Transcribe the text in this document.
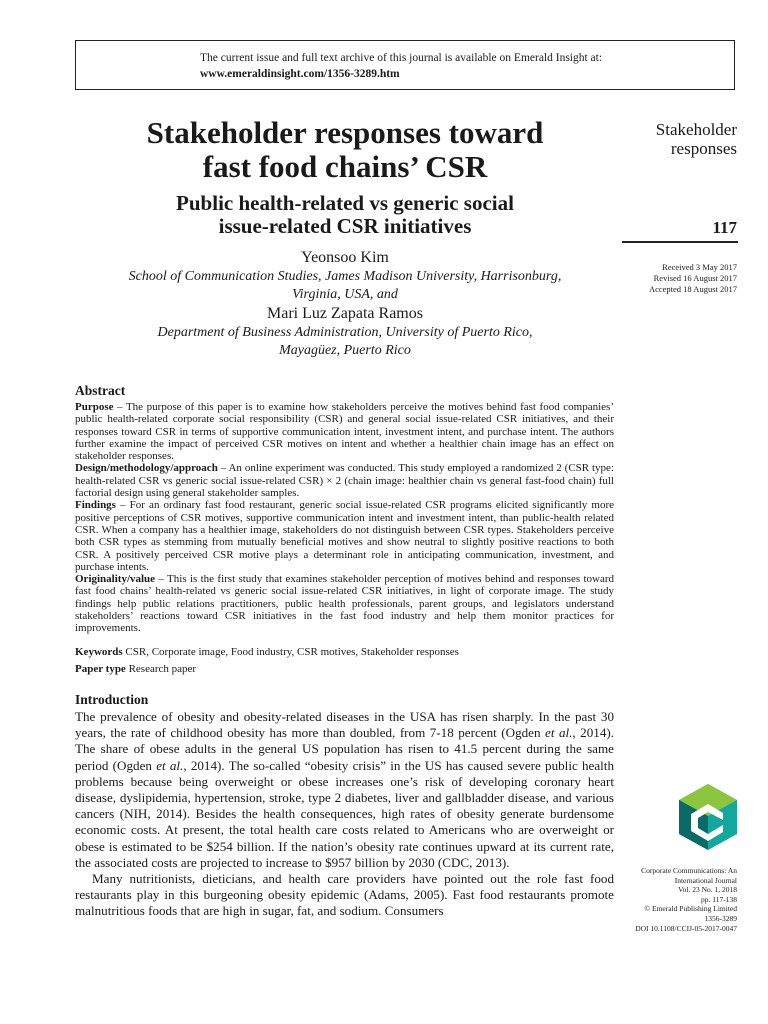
The current issue and full text archive of this journal is available on Emerald Insight at:
www.emeraldinsight.com/1356-3289.htm
Stakeholder responses toward
fast food chains’ CSR
Public health-related vs generic social
issue-related CSR initiatives
Yeonsoo Kim
School of Communication Studies, James Madison University, Harrisonburg,
Virginia, USA, and
Mari Luz Zapata Ramos
Department of Business Administration, University of Puerto Rico,
Mayagüez, Puerto Rico
Stakeholder
responses
117
Received 3 May 2017
Revised 16 August 2017
Accepted 18 August 2017
Abstract

Purpose – The purpose of this paper is to examine how stakeholders perceive the motives behind fast food companies’ public health-related corporate social responsibility (CSR) and general social issue-related CSR initiatives, and their responses toward CSR in terms of supportive communication intent, investment intent, and purchase intent. The authors further examine the impact of perceived CSR motives on intent and whether a healthier chain image has an effect on stakeholder responses.

Design/methodology/approach – An online experiment was conducted. This study employed a randomized 2 (CSR type: health-related CSR vs generic social issue-related CSR) × 2 (chain image: healthier chain vs general fast-food chain) full factorial design using general stakeholder samples.

Findings – For an ordinary fast food restaurant, generic social issue-related CSR programs elicited significantly more positive perceptions of CSR motives, supportive communication intent and investment intent, than public-health related CSR. When a company has a healthier image, stakeholders do not distinguish between CSR types. Stakeholders perceive both CSR types as stemming from mutually beneficial motives and show neutral to slightly positive reactions to both CSR. A positively perceived CSR motive plays a determinant role in anticipating communication, investment, and purchase intents.

Originality/value – This is the first study that examines stakeholder perception of motives behind and responses toward fast food chains’ health-related vs generic social issue-related CSR initiatives, in light of corporate image. The study findings help public relations practitioners, public health professionals, parent groups, and legislators understand stakeholders’ reactions toward CSR initiatives in the fast food industry and help them monitor practices for improvements.

Keywords CSR, Corporate image, Food industry, CSR motives, Stakeholder responses
Paper type Research paper
Introduction

The prevalence of obesity and obesity-related diseases in the USA has risen sharply. In the past 30 years, the rate of childhood obesity has more than doubled, from 7-18 percent (Ogden et al., 2014). The share of obese adults in the general US population has risen to 41.5 percent during the same period (Ogden et al., 2014). The so-called “obesity crisis” in the US has caused severe public health problems because being overweight or obese increases one’s risk of developing coronary heart disease, dyslipidemia, hypertension, stroke, type 2 diabetes, liver and gallbladder disease, and various cancers (NIH, 2014). Besides the health consequences, high rates of obesity generate burdensome economic costs. At present, the total health care costs related to Americans who are overweight or obese is estimated to be $254 billion. If the nation’s obesity rate continues upward at its current rate, the associated costs are projected to increase to $957 billion by 2030 (CDC, 2013).

Many nutritionists, dieticians, and health care providers have pointed out the role fast food restaurants play in this burgeoning obesity epidemic (Adams, 2005). Fast food restaurants promote malnutritious foods that are high in sugar, fat, and sodium. Consumers

Corporate Communications: An
International Journal
Vol. 23 No. 1, 2018
pp. 117-138
© Emerald Publishing Limited
1356-3289
DOI 10.1108/CCIJ-05-2017-0047
